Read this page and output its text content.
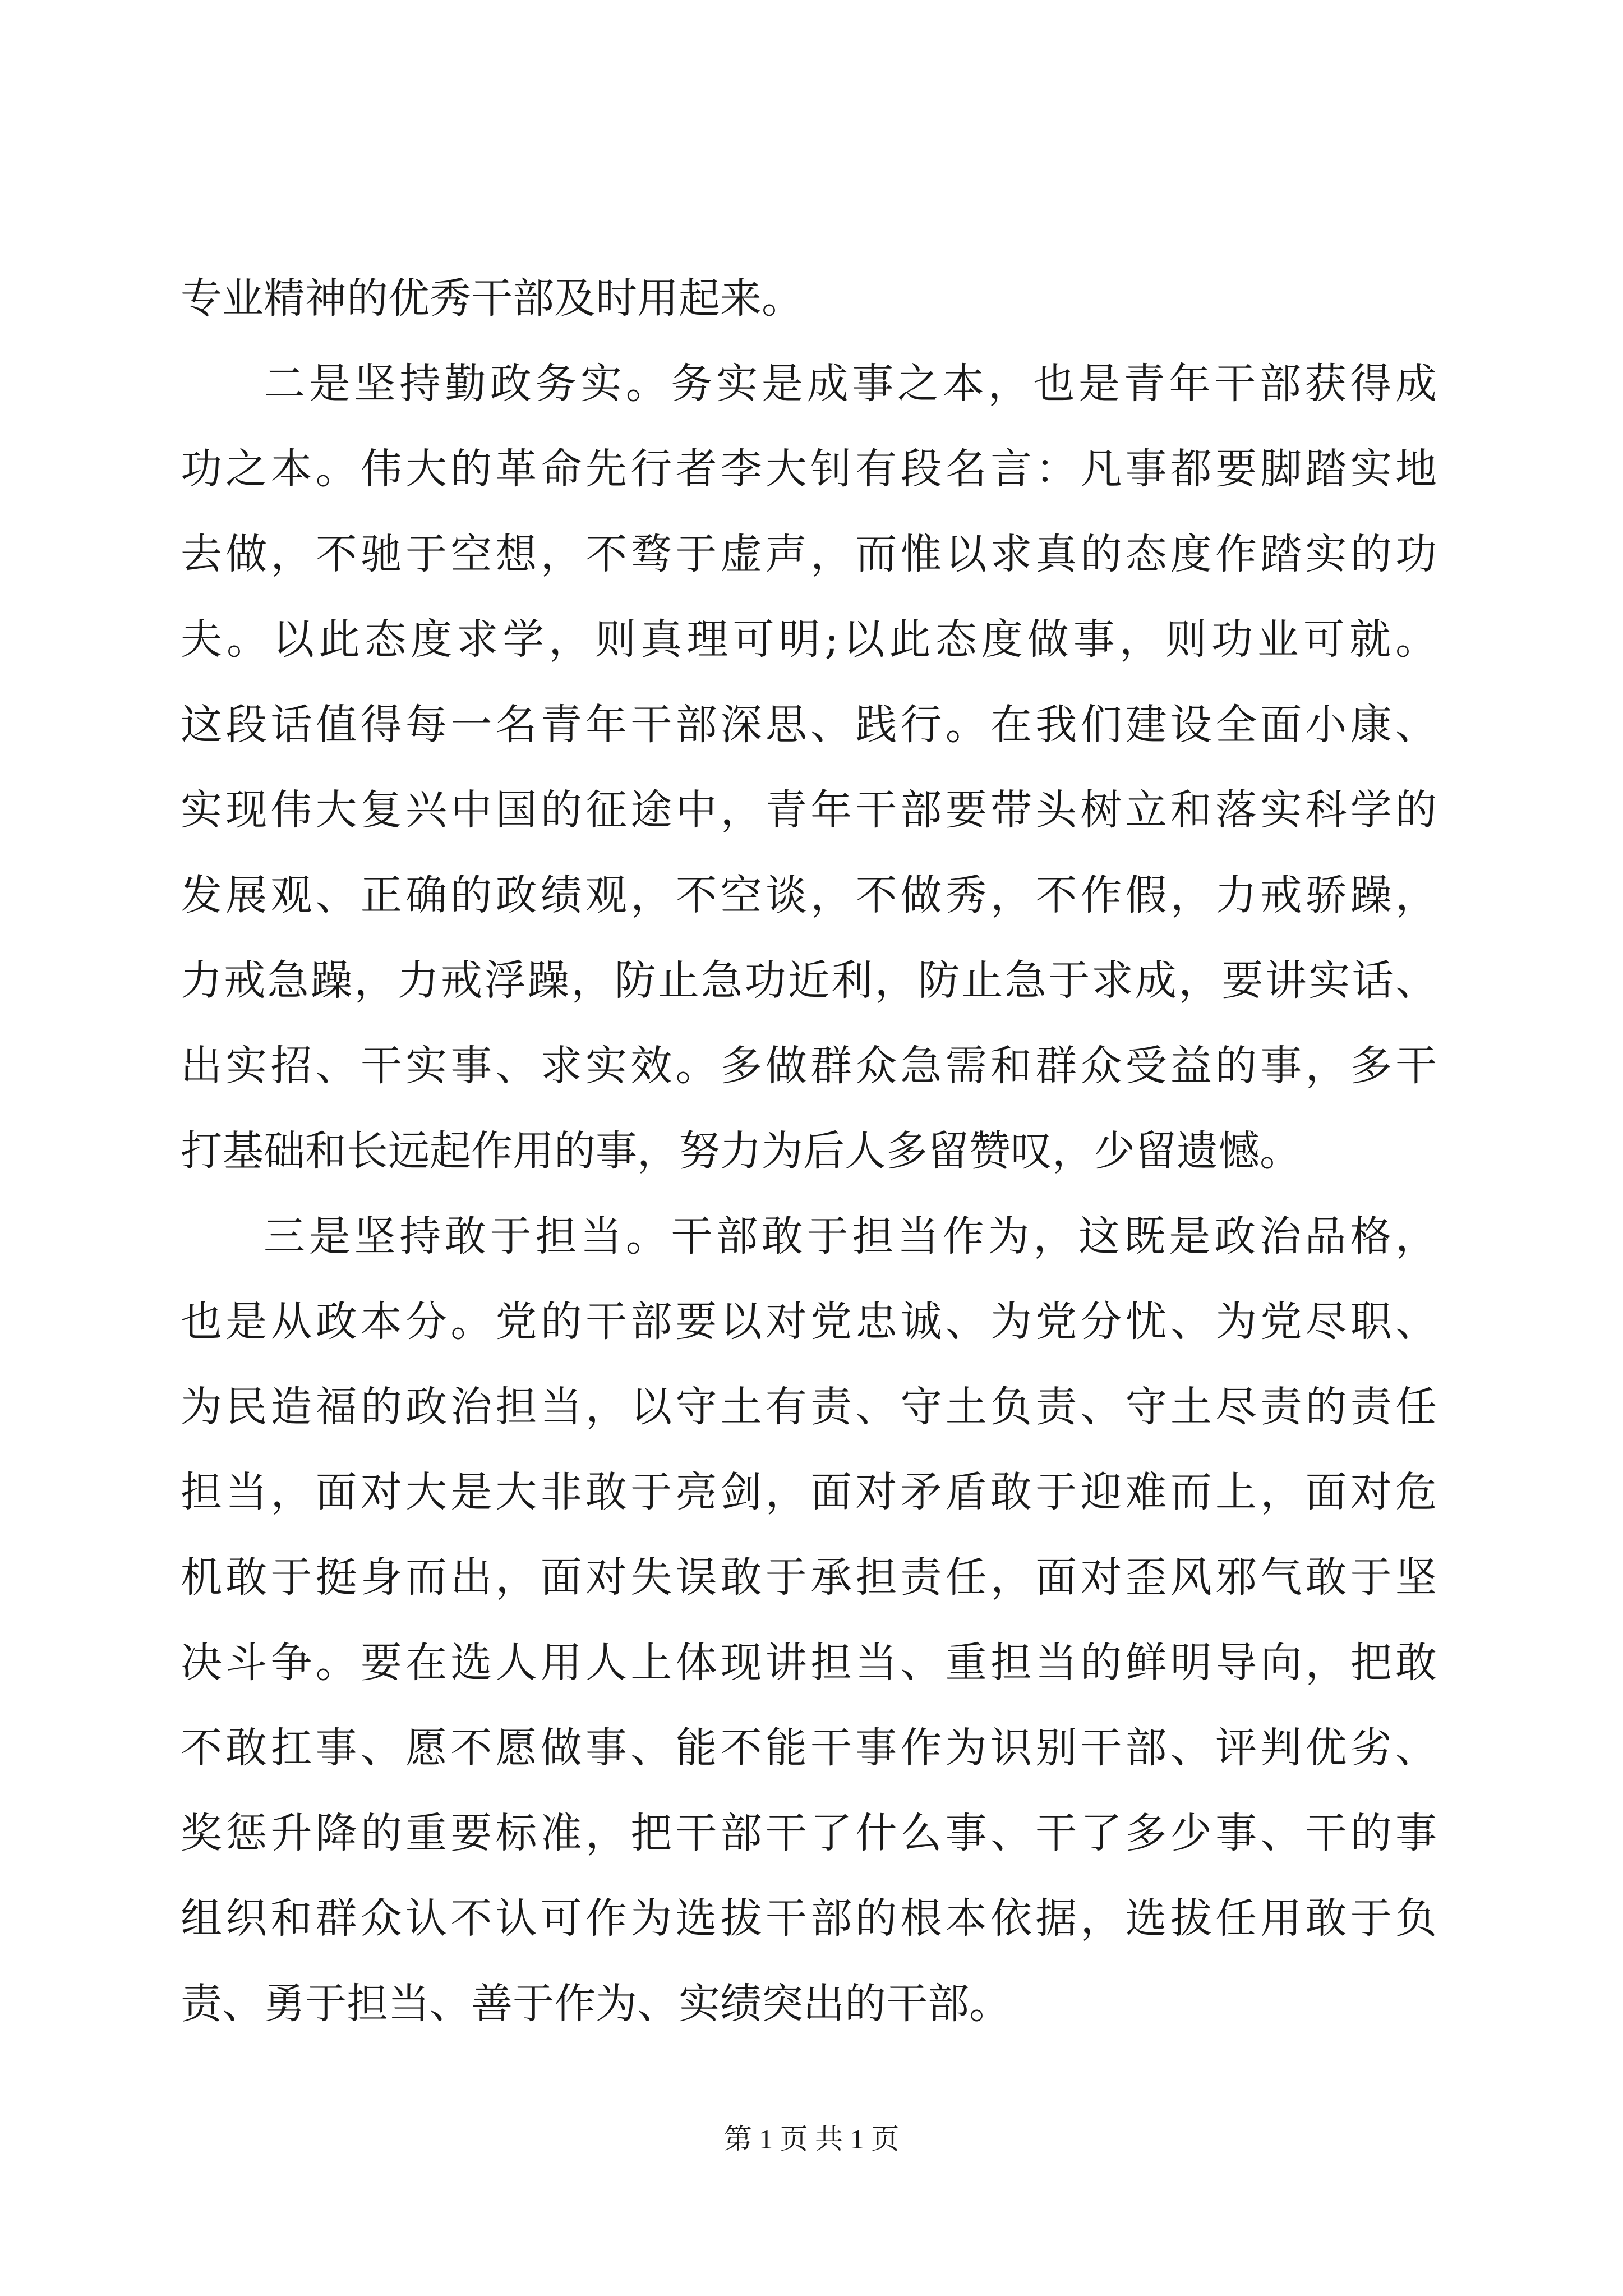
专业精神的优秀干部及时用起来。
二是坚持勤政务实。务实是成事之本，也是青年干部获得成
功之本。伟大的革命先行者李大钊有段名言：凡事都要脚踏实地
去做，不驰于空想，不骛于虚声，而惟以求真的态度作踏实的功
夫。以此态度求学，则真理可明;以此态度做事，则功业可就。
这段话值得每一名青年干部深思、践行。在我们建设全面小康、
实现伟大复兴中国的征途中，青年干部要带头树立和落实科学的
发展观、正确的政绩观，不空谈，不做秀，不作假，力戒骄躁，
力戒急躁，力戒浮躁，防止急功近利，防止急于求成，要讲实话、
出实招、干实事、求实效。多做群众急需和群众受益的事，多干
打基础和长远起作用的事，努力为后人多留赞叹，少留遗憾。
三是坚持敢于担当。干部敢于担当作为，这既是政治品格，
也是从政本分。党的干部要以对党忠诚、为党分忧、为党尽职、
为民造福的政治担当，以守土有责、守土负责、守土尽责的责任
担当，面对大是大非敢于亮剑，面对矛盾敢于迎难而上，面对危
机敢于挺身而出，面对失误敢于承担责任，面对歪风邪气敢于坚
决斗争。要在选人用人上体现讲担当、重担当的鲜明导向，把敢
不敢扛事、愿不愿做事、能不能干事作为识别干部、评判优劣、
奖惩升降的重要标准，把干部干了什么事、干了多少事、干的事
组织和群众认不认可作为选拔干部的根本依据，选拔任用敢于负
责、勇于担当、善于作为、实绩突出的干部。
第 1 页 共 1 页
